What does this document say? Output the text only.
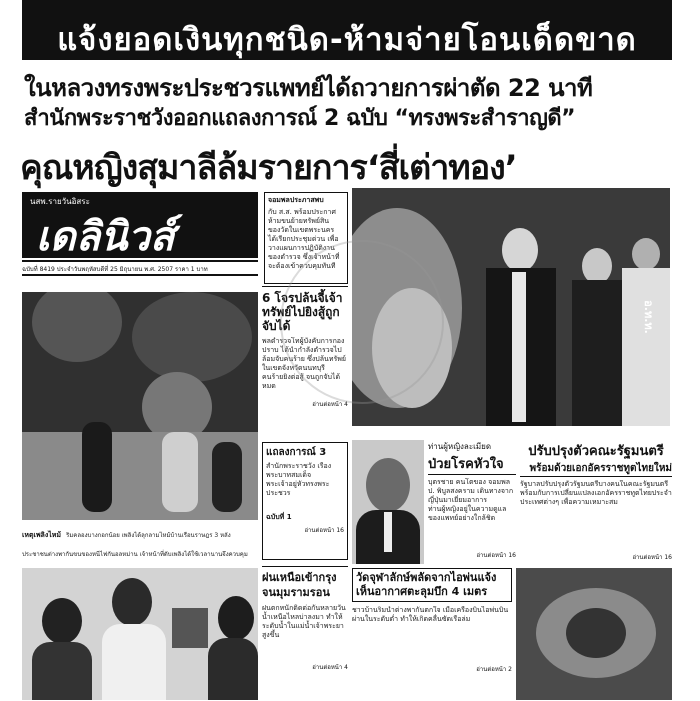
แจ้งยอดเงินทุกชนิด-ห้ามจ่ายโอนเด็ดขาด
ในหลวงทรงพระประชวรแพทย์ได้ถวายการผ่าตัด 22 นาที
สำนักพระราชวังออกแถลงการณ์ 2 ฉบับ “ทรงพระสำราญดี”
คุณหญิงสุมาลีล้มรายการ‘สี่เต่าทอง’
นสพ.รายวันอิสระ
เดลินิวส์
ฉบับที่ 8419 ประจำวันพฤหัสบดีที่ 25 มิถุนายน พ.ศ. 2507 ราคา 1 บาท
จอมพลประภาสพบ
กับ ส.ส. พร้อมประกาศห้ามขนย้ายทรัพย์สินของวัดในเขตพระนคร ได้เรียกประชุมด่วน เพื่อวางแผนการปฏิบัติงานของตำรวจ ซึ่งเจ้าหน้าที่จะต้องเข้าควบคุมทันที
อ.ท.ท.
เหตุเพลิงไหม้ ริมคลองบางกอกน้อย เพลิงได้ลุกลามไหม้บ้านเรือนราษฎร 3 หลัง ประชาชนต่างพากันขนของหนีไฟกันอลหม่าน เจ้าหน้าที่ดับเพลิงได้ใช้เวลานานจึงควบคุม
6 โจรปล้นจี้เจ้าทรัพย์ไปยิงสู้ถูกจับได้
พลตำรวจโทผู้บังคับการกองปราบ ได้นำกำลังตำรวจไปล้อมจับคนร้าย ซึ่งปล้นทรัพย์ในเขตจังหวัดนนทบุรี คนร้ายยิงต่อสู้ จนถูกจับได้หมด
อ่านต่อหน้า 4
แถลงการณ์ 3
สำนักพระราชวัง เรื่อง พระบาทสมเด็จพระเจ้าอยู่หัวทรงพระประชวร
ฉบับที่ 1
อ่านต่อหน้า 16
ท่านผู้หญิงละเมียด
ป่วยโรคหัวใจ
บุตรชาย คนโตของ จอมพล ป. พิบูลสงคราม เดินทางจากญี่ปุ่นมาเยี่ยมอาการ ท่านผู้หญิงอยู่ในความดูแลของแพทย์อย่างใกล้ชิด
อ่านต่อหน้า 16
ปรับปรุงตัวคณะรัฐมนตรี
พร้อมด้วยเอกอัครราชทูตไทยใหม่
รัฐบาลปรับปรุงตัวรัฐมนตรีบางคนในคณะรัฐมนตรี พร้อมกับการเปลี่ยนแปลงเอกอัครราชทูตไทยประจำประเทศต่างๆ เพื่อความเหมาะสม
อ่านต่อหน้า 16
ฝนเหนือเข้ากรุง จนมุมรามรอน
ฝนตกหนักติดต่อกันหลายวัน น้ำเหนือไหลบ่าลงมา ทำให้ระดับน้ำในแม่น้ำเจ้าพระยาสูงขึ้น
อ่านต่อหน้า 4
วัดจุฬาลักษ์พลัดจากไอพ่นแจ้งเห็นอากาศตะลุมบึก 4 เมตร
ชาวบ้านริมน้ำต่างพากันตกใจ เมื่อเครื่องบินไอพ่นบินผ่านในระดับต่ำ ทำให้เกิดคลื่นซัดเรือล่ม
อ่านต่อหน้า 2
